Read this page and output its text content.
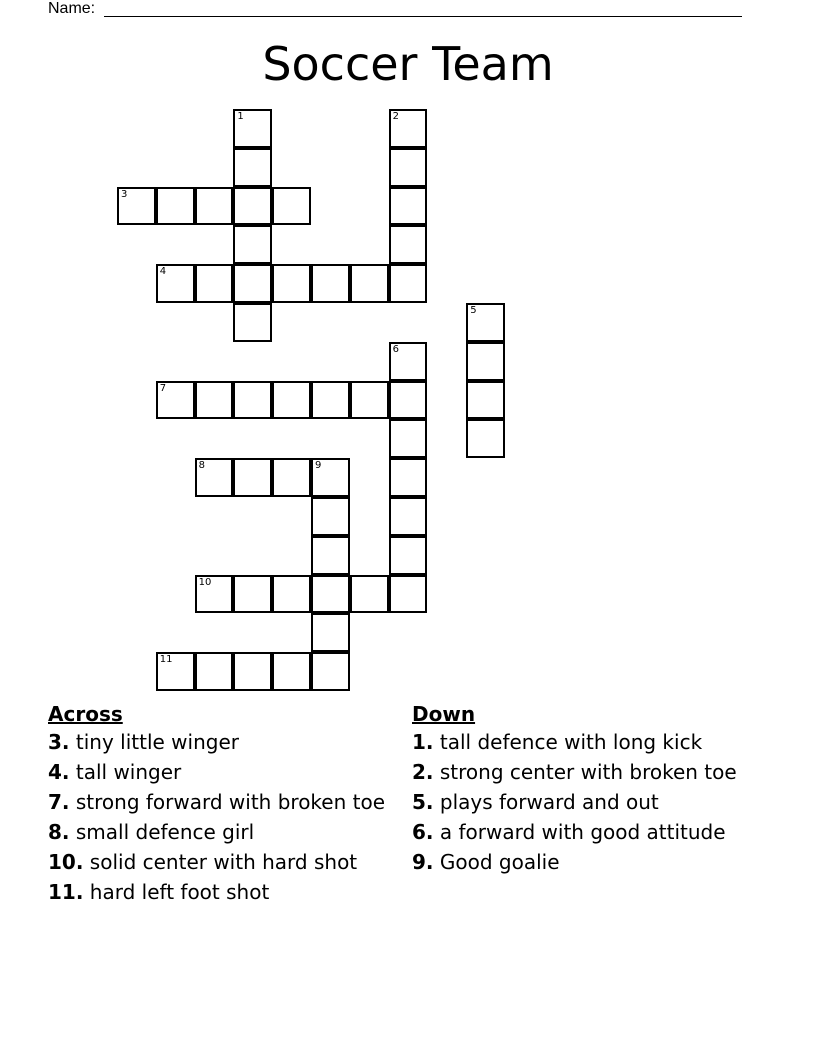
Name:
Soccer Team
1	2
3
4
5
6
7
8	9
10
11
Across
3. tiny little winger
4. tall winger
7. strong forward with broken toe
8. small defence girl
10. solid center with hard shot
11. hard left foot shot
Down
1. tall defence with long kick
2. strong center with broken toe
5. plays forward and out
6. a forward with good attitude
9. Good goalie
